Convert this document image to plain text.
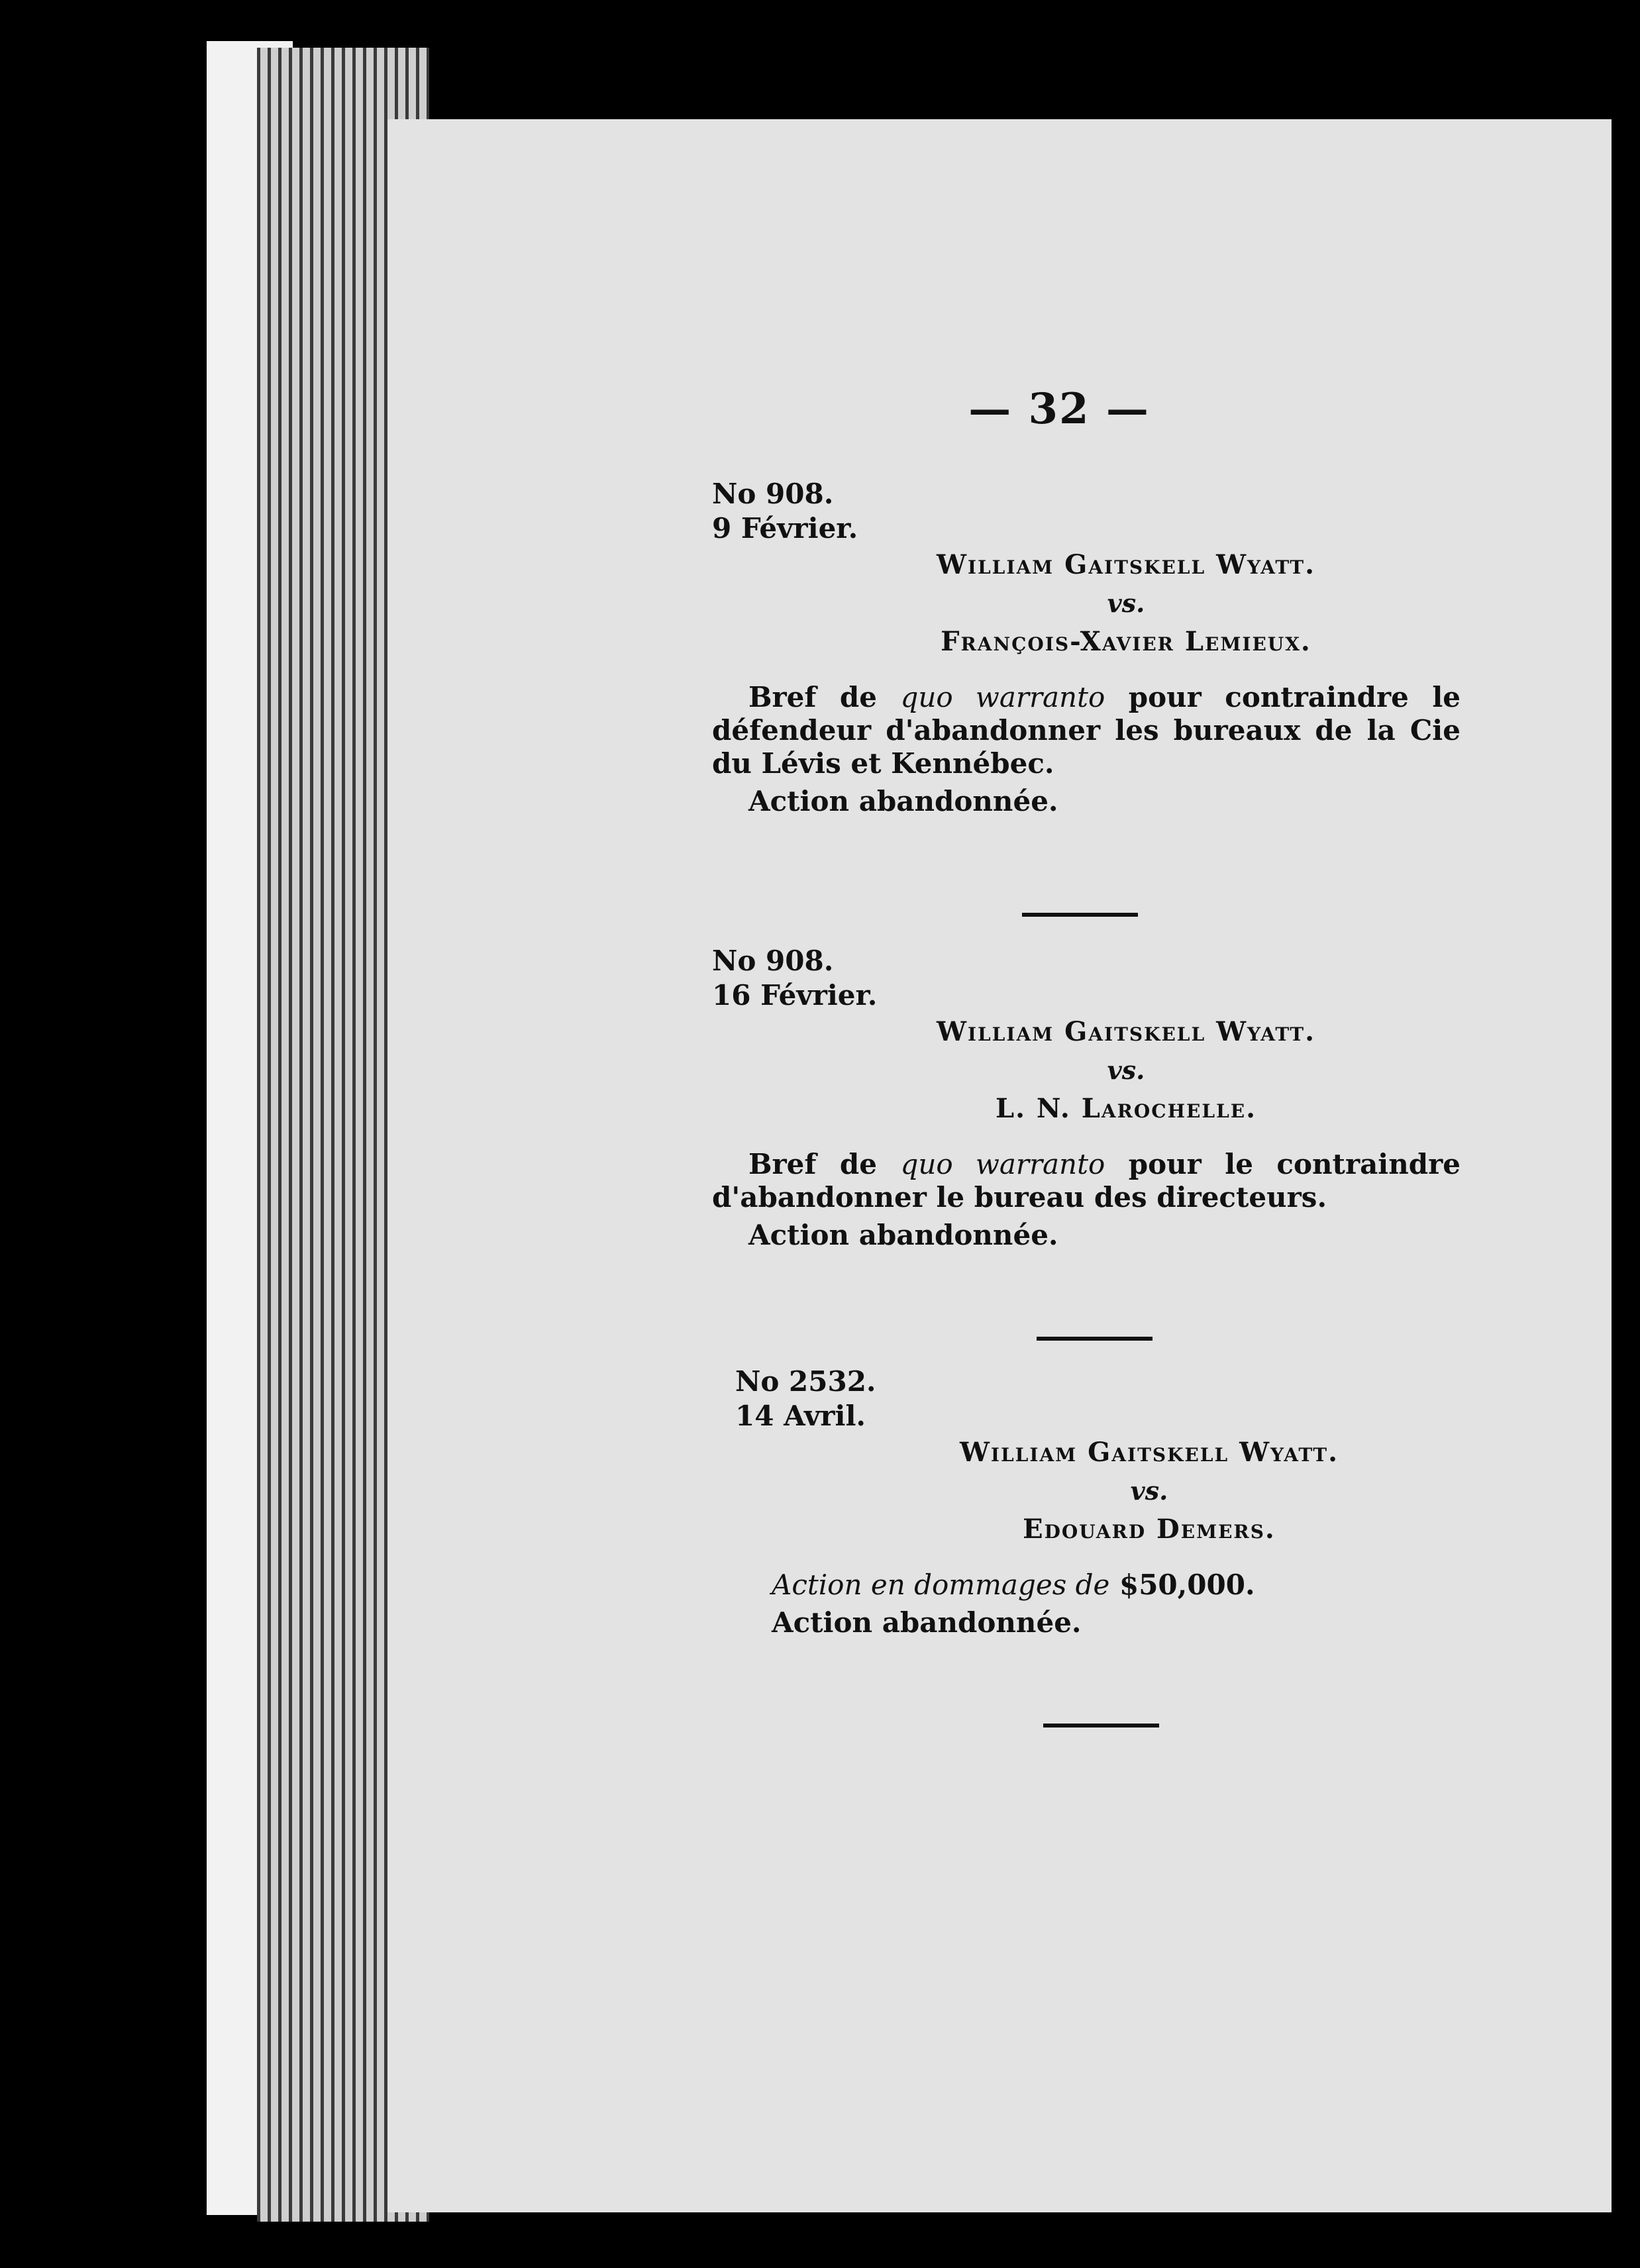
— 32 —
No 908.
9 Février.
William Gaitskell Wyatt.
vs.
François-Xavier Lemieux.
Bref de quo warranto pour contraindre le défendeur d'abandonner les bureaux de la Cie du Lévis et Kennébec.
Action abandonnée.
No 908.
16 Février.
William Gaitskell Wyatt.
vs.
L. N. Larochelle.
Bref de quo warranto pour le contraindre d'abandonner le bureau des directeurs.
Action abandonnée.
No 2532.
14 Avril.
William Gaitskell Wyatt.
vs.
Edouard Demers.
Action en dommages de $50,000.
Action abandonnée.
